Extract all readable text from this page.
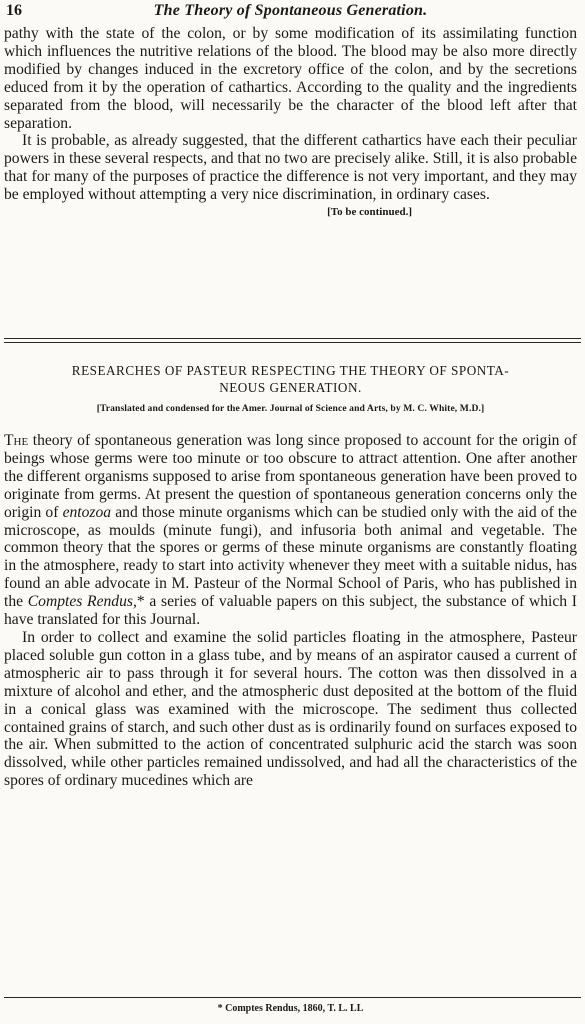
16	The Theory of Spontaneous Generation.

pathy with the state of the colon, or by some modification of its assimilating function which influences the nutritive relations of the blood. The blood may be also more directly modified by changes induced in the excretory office of the colon, and by the secretions educed from it by the operation of cathartics. According to the quality and the ingredients separated from the blood, will necessarily be the character of the blood left after that separation.

It is probable, as already suggested, that the different cathartics have each their peculiar powers in these several respects, and that no two are precisely alike. Still, it is also probable that for many of the purposes of practice the difference is not very important, and they may be employed without attempting a very nice discrimination, in ordinary cases.

[To be continued.]
RESEARCHES OF PASTEUR RESPECTING THE THEORY OF SPONTA-
NEOUS GENERATION.
[Translated and condensed for the Amer. Journal of Science and Arts, by M. C. White, M.D.]

The theory of spontaneous generation was long since proposed to account for the origin of beings whose germs were too minute or too obscure to attract attention. One after another the different organisms supposed to arise from spontaneous generation have been proved to originate from germs. At present the question of spontaneous generation concerns only the origin of entozoa and those minute organisms which can be studied only with the aid of the microscope, as moulds (minute fungi), and infusoria both animal and vegetable. The common theory that the spores or germs of these minute organisms are constantly floating in the atmosphere, ready to start into activity whenever they meet with a suitable nidus, has found an able advocate in M. Pasteur of the Normal School of Paris, who has published in the Comptes Rendus,* a series of valuable papers on this subject, the substance of which I have translated for this Journal.

In order to collect and examine the solid particles floating in the atmosphere, Pasteur placed soluble gun cotton in a glass tube, and by means of an aspirator caused a current of atmospheric air to pass through it for several hours. The cotton was then dissolved in a mixture of alcohol and ether, and the atmospheric dust deposited at the bottom of the fluid in a conical glass was examined with the microscope. The sediment thus collected contained grains of starch, and such other dust as is ordinarily found on surfaces exposed to the air. When submitted to the action of concentrated sulphuric acid the starch was soon dissolved, while other particles remained undissolved, and had all the characteristics of the spores of ordinary mucedines which are

* Comptes Rendus, 1860, T. L. LL
